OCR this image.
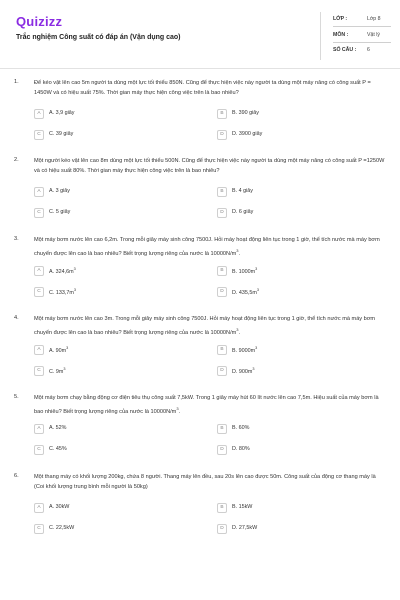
Quizizz
Trắc nghiệm Công suất có đáp án (Vận dụng cao)
LỚP :	Lớp 8
MÔN :	Vật lý
SỐ CÂU : 6
1.	Để kéo vật lên cao 5m người ta dùng một lực tối thiểu 850N. Cũng để thực hiện việc này người ta dùng một máy nâng có công suất P = 1450W và có hiệu suất 75%. Thời gian máy thực hiện công việc trên là bao nhiêu?
A	A. 3,9 giây	B	B. 390 giây
C	C. 39 giây	D	D. 3900 giây
2.	Một người kéo vật lên cao 8m dùng một lực tối thiểu 500N. Cũng để thực hiện việc này người ta dùng một máy nâng có công suất P =1250W và có hiệu suất 80%. Thời gian máy thực hiện công việc trên là bao nhiêu?
A	A. 3 giây	B	B. 4 giây
C	C. 5 giây	D	D. 6 giây
3.	Một máy bơm nước lên cao 6,2m. Trong mỗi giây máy sinh công 7500J. Hỏi máy hoạt động liên tục trong 1 giờ, thể tích nước mà máy bơm chuyển được lên cao là bao nhiêu? Biết trọng lượng riêng của nước là $10000N/m^3$.
A	A. $324,6m^3$	B	B. $1000m^3$
C	C. $133,7m^3$	D	D. $435,5m^3$
4.	Một máy bơm nước lên cao 3m. Trong mỗi giây máy sinh công 7500J. Hỏi máy hoạt động liên tục trong 1 giờ, thể tích nước mà máy bơm chuyển được lên cao là bao nhiêu? Biết trọng lượng riêng của nước là $10000N/m^3$.
A	A. $90m^3$	B	B. $9000m^3$
C	C. $9m^3$	D	D. $900m^3$
5.	Một máy bơm chạy bằng động cơ điện tiêu thụ công suất 7,5kW. Trong 1 giây máy hút 60 lít nước lên cao 7,5m. Hiệu suất của máy bơm là bao nhiêu? Biết trọng lượng riêng của nước là $10000N/m^3$.
A	A. 52%	B	B. 60%
C	C. 45%	D	D. 80%
6.	Một thang máy có khối lượng 200kg, chứa 8 người. Thang máy lên đều, sau 20s lên cao được 50m. Công suất của động cơ thang máy là (Coi khối lượng trung bình mỗi người là 50kg)
A	A. 30kW	B	B. 15kW
C	C. 22,5kW	D	D. 27,5kW
